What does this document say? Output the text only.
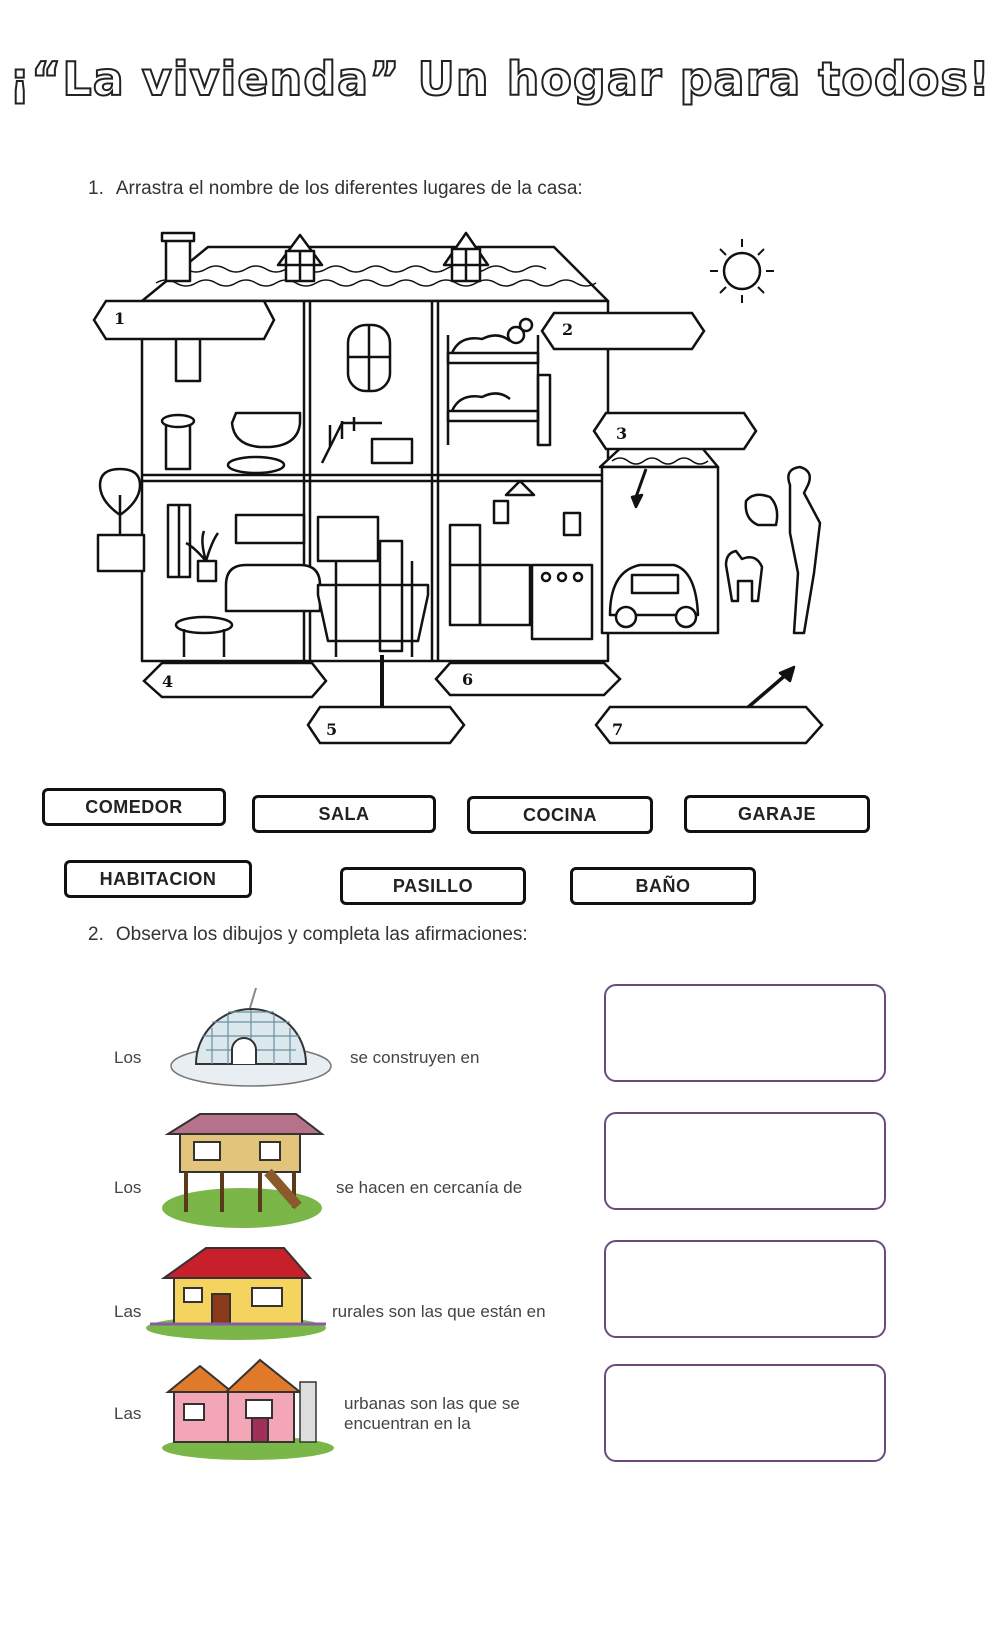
¡“La vivienda” Un hogar para todos!
1. Arrastra el nombre de los diferentes lugares de la casa:
1
2
3
4
5
6
7
COMEDOR	SALA	COCINA	GARAJE
HABITACION	PASILLO	BAÑO
2. Observa los dibujos y completa las afirmaciones:
Los	se construyen en
Los	se hacen en cercanía de
Las	rurales son las que están en
Las
urbanas son las que se
encuentran en la
